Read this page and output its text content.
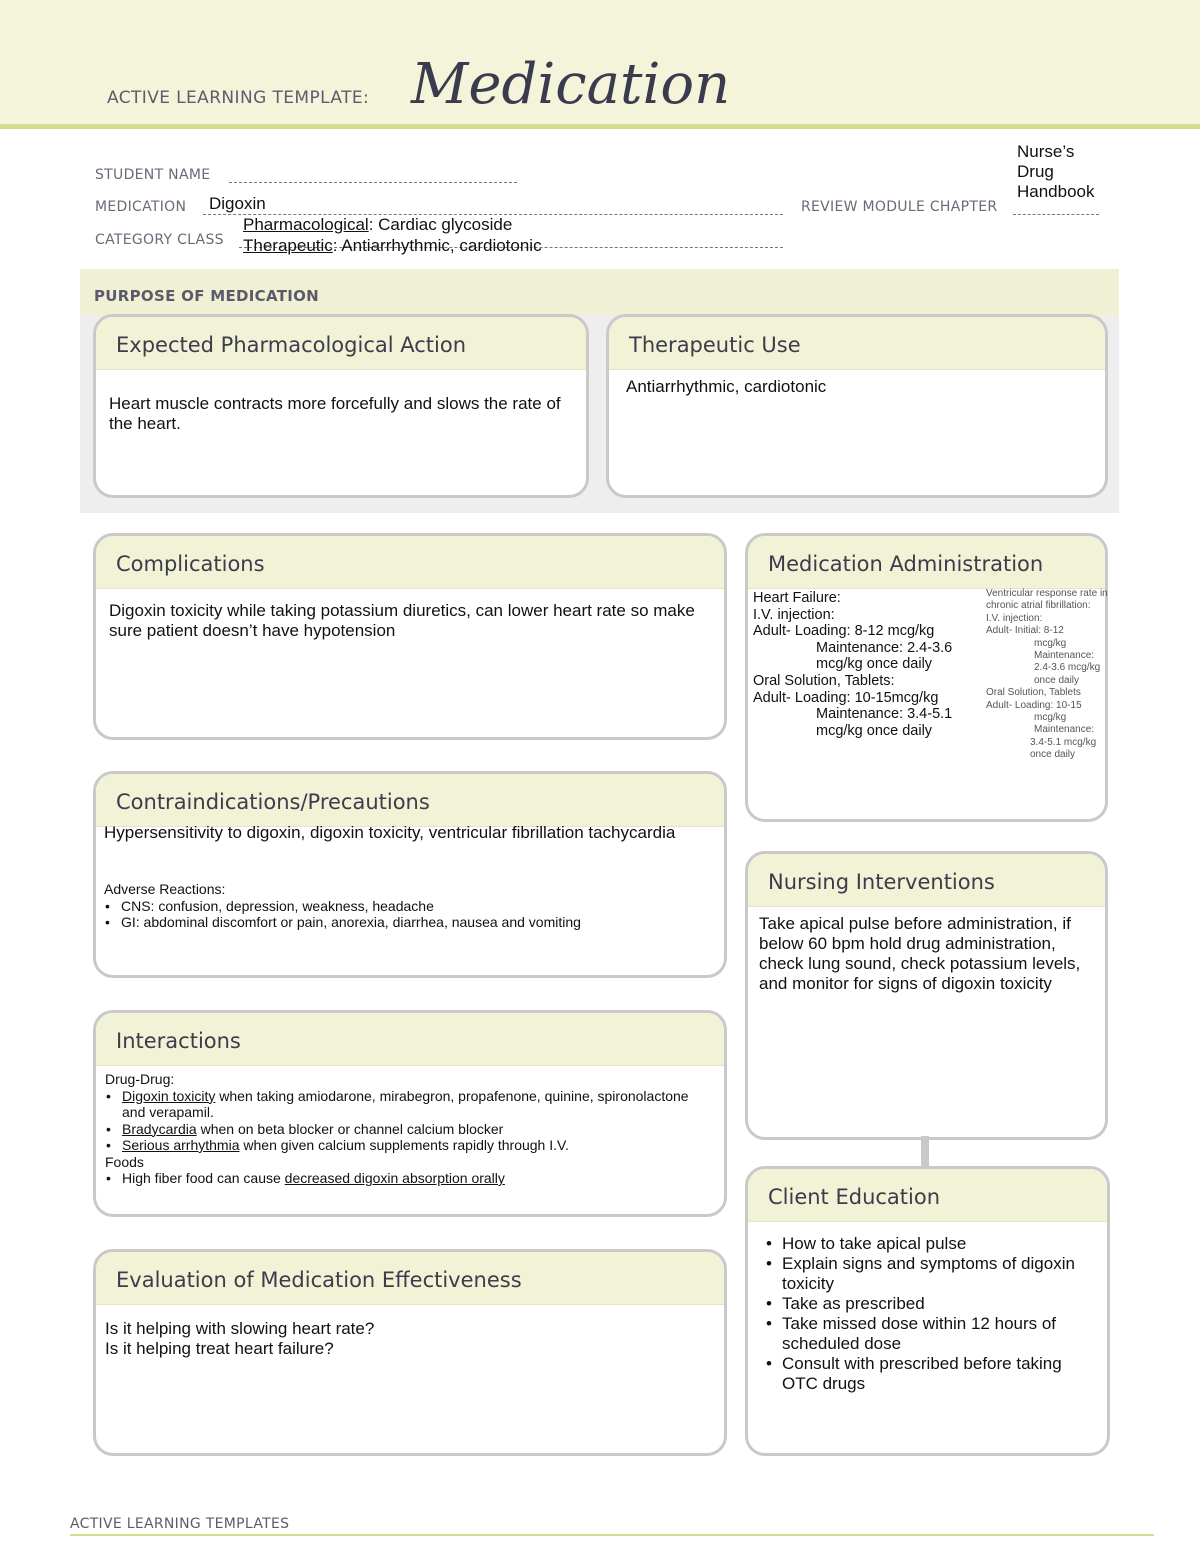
ACTIVE LEARNING TEMPLATE: Medication
STUDENT NAME
MEDICATION Digoxin	REVIEW MODULE CHAPTER
Nurse’s
Drug
Handbook
CATEGORY CLASS
Pharmacological: Cardiac glycoside
Therapeutic: Antiarrhythmic, cardiotonic
PURPOSE OF MEDICATION
Expected Pharmacological Action
Heart muscle contracts more forcefully and slows the rate of the heart.
Therapeutic Use
Antiarrhythmic, cardiotonic
Complications
Digoxin toxicity while taking potassium diuretics, can lower heart rate so make sure patient doesn’t have hypotension
Contraindications/Precautions
Hypersensitivity to digoxin, digoxin toxicity, ventricular fibrillation tachycardia
Adverse Reactions:
• CNS: confusion, depression, weakness, headache
• GI: abdominal discomfort or pain, anorexia, diarrhea, nausea and vomiting
Interactions
Drug-Drug:
• Digoxin toxicity when taking amiodarone, mirabegron, propafenone, quinine, spironolactone and verapamil.
• Bradycardia when on beta blocker or channel calcium blocker
• Serious arrhythmia when given calcium supplements rapidly through I.V.
Foods
• High fiber food can cause decreased digoxin absorption orally
Evaluation of Medication Effectiveness
Is it helping with slowing heart rate?
Is it helping treat heart failure?
Medication Administration
Heart Failure:
I.V. injection:
Adult- Loading: 8-12 mcg/kg
Maintenance: 2.4-3.6
mcg/kg once daily
Oral Solution, Tablets:
Adult- Loading: 10-15mcg/kg
Maintenance: 3.4-5.1
mcg/kg once daily
Ventricular response rate in
chronic atrial fibrillation:
I.V. injection:
Adult- Initial: 8-12
mcg/kg
Maintenance:
2.4-3.6 mcg/kg
once daily
Oral Solution, Tablets
Adult- Loading: 10-15
mcg/kg
Maintenance:
3.4-5.1 mcg/kg
once daily
Nursing Interventions
Take apical pulse before administration, if below 60 bpm hold drug administration, check lung sound, check potassium levels, and monitor for signs of digoxin toxicity
Client Education
• How to take apical pulse
• Explain signs and symptoms of digoxin toxicity
• Take as prescribed
• Take missed dose within 12 hours of scheduled dose
• Consult with prescribed before taking OTC drugs
ACTIVE LEARNING TEMPLATES
